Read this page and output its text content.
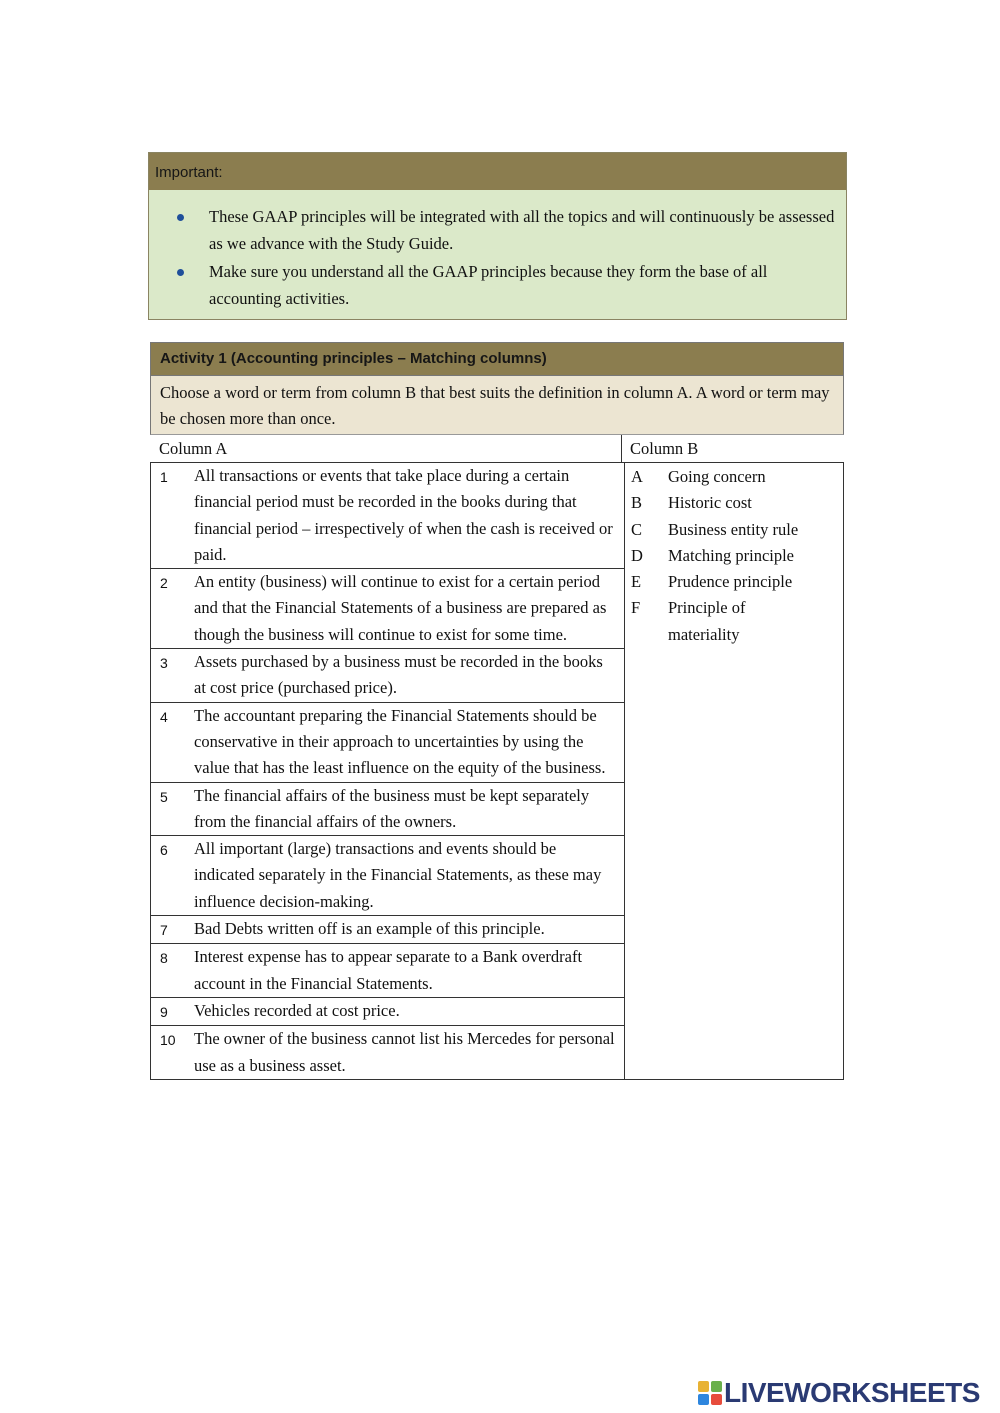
Important:
These GAAP principles will be integrated with all the topics and will continuously be assessed as we advance with the Study Guide.
Make sure you understand all the GAAP principles because they form the base of all accounting activities.
Activity 1 (Accounting principles – Matching columns)
Choose a word or term from column B that best suits the definition in column A. A word or term may be chosen more than once.
Column A	Column B
1	All transactions or events that take place during a certain financial period must be recorded in the books during that financial period – irrespectively of when the cash is received or paid.
2	An entity (business) will continue to exist for a certain period and that the Financial Statements of a business are prepared as though the business will continue to exist for some time.
3	Assets purchased by a business must be recorded in the books at cost price (purchased price).
4	The accountant preparing the Financial Statements should be conservative in their approach to uncertainties by using the value that has the least influence on the equity of the business.
5	The financial affairs of the business must be kept separately from the financial affairs of the owners.
6	All important (large) transactions and events should be indicated separately in the Financial Statements, as these may influence decision-making.
7	Bad Debts written off is an example of this principle.
8	Interest expense has to appear separate to a Bank overdraft account in the Financial Statements.
9	Vehicles recorded at cost price.
10	The owner of the business cannot list his Mercedes for personal use as a business asset.
A	Going concern
B	Historic cost
C	Business entity rule
D	Matching principle
E	Prudence principle
F	Principle of materiality
LIVEWORKSHEETS
